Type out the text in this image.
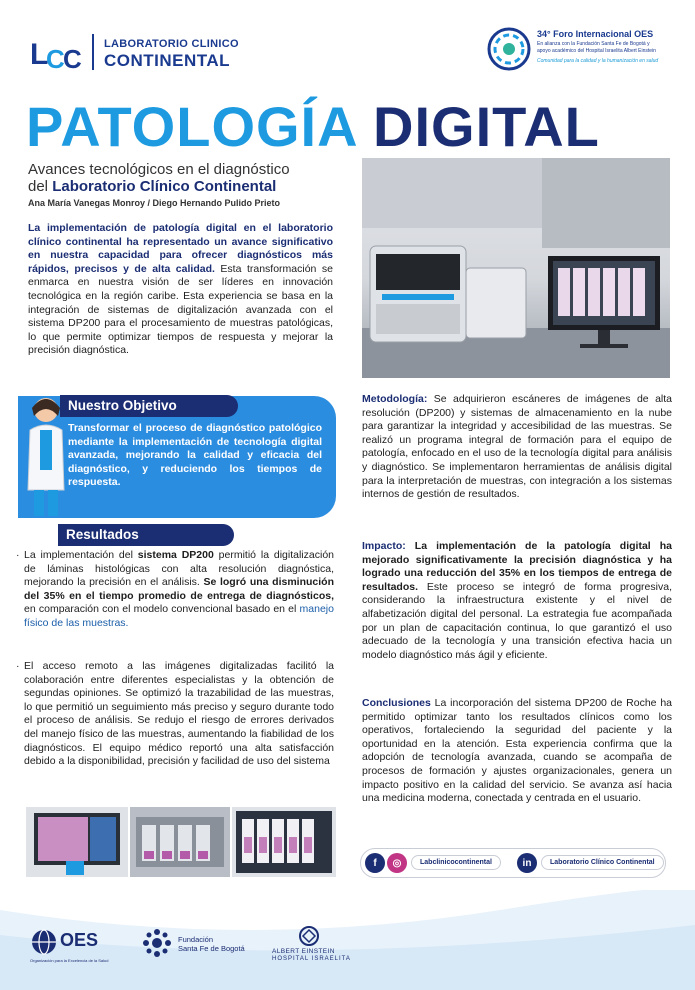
L
C
C LABORATORIO CLINICO
CONTINENTAL
34° Foro Internacional OES
En alianza con la Fundación Santa Fe de Bogotá y
apoyo académico del Hospital Israelita Albert Einstein
Comunidad para la calidad y la humanización en salud
PATOLOGÍA DIGITAL
Avances tecnológicos en el diagnóstico
del Laboratorio Clínico Continental
Ana María Vanegas Monroy / Diego Hernando Pulido Prieto
La implementación de patología digital en el laboratorio clínico continental ha representado un avance significativo en nuestra capacidad para ofrecer diagnósticos más rápidos, precisos y de alta calidad. Esta transformación se enmarca en nuestra visión de ser líderes en innovación tecnológica en la región caribe. Esta experiencia se basa en la integración de sistemas de digitalización avanzada con el sistema DP200 para el procesamiento de muestras patológicas, lo que permite optimizar tiempos de respuesta y mejorar la precisión diagnóstica.
Nuestro Objetivo
Transformar el proceso de diagnóstico patológico mediante la implementación de tecnología digital avanzada, mejorando la calidad y eficacia del diagnóstico, y reduciendo los tiempos de respuesta.
Resultados
· La implementación del sistema DP200 permitió la digitalización de láminas histológicas con alta resolución diagnóstica, mejorando la precisión en el análisis. Se logró una disminución del 35% en el tiempo promedio de entrega de diagnósticos, en comparación con el modelo convencional basado en el manejo físico de las muestras.
· El acceso remoto a las imágenes digitalizadas facilitó la colaboración entre diferentes especialistas y la obtención de segundas opiniones. Se optimizó la trazabilidad de las muestras, lo que permitió un seguimiento más preciso y seguro durante todo el proceso de análisis. Se redujo el riesgo de errores derivados del manejo físico de las muestras, aumentando la fiabilidad de los diagnósticos. El equipo médico reportó una alta satisfacción debido a la disponibilidad, precisión y facilidad de uso del sistema
Metodología: Se adquirieron escáneres de imágenes de alta resolución (DP200) y sistemas de almacenamiento en la nube para garantizar la integridad y accesibilidad de las muestras. Se realizó un programa integral de formación para el equipo de patología, enfocado en el uso de la tecnología digital para análisis y diagnóstico. Se implementaron herramientas de análisis digital para la interpretación de muestras, con integración a los sistemas internos de gestión de resultados.
Impacto: La implementación de la patología digital ha mejorado significativamente la precisión diagnóstica y ha logrado una reducción del 35% en los tiempos de entrega de resultados. Este proceso se integró de forma progresiva, considerando la infraestructura existente y el nivel de alfabetización digital del personal. La estrategia fue acompañada por un plan de capacitación continua, lo que garantizó el uso adecuado de la tecnología y una transición efectiva hacia un modelo diagnóstico más ágil y eficiente.
Conclusiones La incorporación del sistema DP200 de Roche ha permitido optimizar tanto los resultados clínicos como los operativos, fortaleciendo la seguridad del paciente y la oportunidad en la atención. Esta experiencia confirma que la adopción de tecnología avanzada, cuando se acompaña de procesos de formación y ajustes organizacionales, genera un impacto positivo en la calidad del servicio. Se avanza así hacia una medicina moderna, conectada y centrada en el usuario.
f	◎	Labclinicocontinental	in	Laboratorio Clínico Continental
OES
Organización para la Excelencia de la Salud
Fundación
Santa Fe de Bogotá	ALBERT EINSTEIN
HOSPITAL ISRAELITA
